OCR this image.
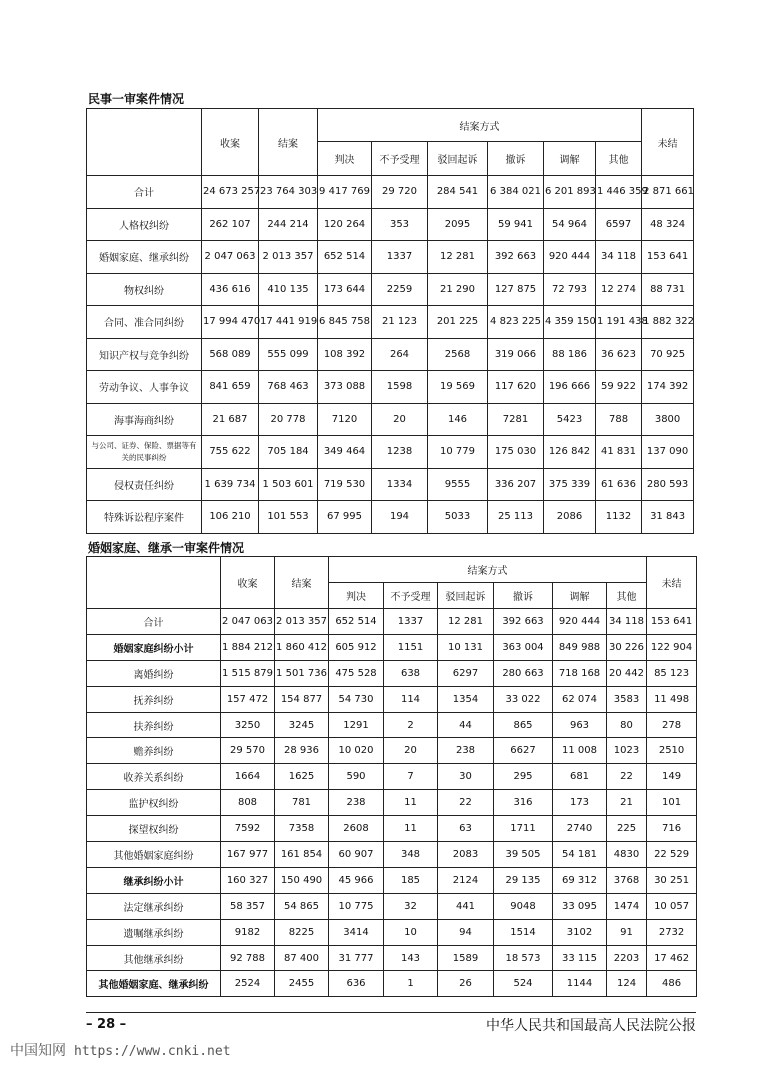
民事一审案件情况
	收案	结案	结案方式						未结
			判决	不予受理	驳回起诉	撤诉	调解	其他	
合计	24 673 257	23 764 303	9 417 769	29 720	284 541	6 384 021	6 201 893	1 446 359	2 871 661
人格权纠纷	262 107	244 214	120 264	353	2095	59 941	54 964	6597	48 324
婚姻家庭、继承纠纷	2 047 063	2 013 357	652 514	1337	12 281	392 663	920 444	34 118	153 641
物权纠纷	436 616	410 135	173 644	2259	21 290	127 875	72 793	12 274	88 731
合同、准合同纠纷	17 994 470	17 441 919	6 845 758	21 123	201 225	4 823 225	4 359 150	1 191 438	1 882 322
知识产权与竞争纠纷	568 089	555 099	108 392	264	2568	319 066	88 186	36 623	70 925
劳动争议、人事争议	841 659	768 463	373 088	1598	19 569	117 620	196 666	59 922	174 392
海事海商纠纷	21 687	20 778	7120	20	146	7281	5423	788	3800
与公司、证券、保险、票据等有关的民事纠纷	755 622	705 184	349 464	1238	10 779	175 030	126 842	41 831	137 090
侵权责任纠纷	1 639 734	1 503 601	719 530	1334	9555	336 207	375 339	61 636	280 593
特殊诉讼程序案件	106 210	101 553	67 995	194	5033	25 113	2086	1132	31 843
婚姻家庭、继承一审案件情况
	收案	结案	结案方式						未结
			判决	不予受理	驳回起诉	撤诉	调解	其他	
合计	2 047 063	2 013 357	652 514	1337	12 281	392 663	920 444	34 118	153 641
婚姻家庭纠纷小计	1 884 212	1 860 412	605 912	1151	10 131	363 004	849 988	30 226	122 904
离婚纠纷	1 515 879	1 501 736	475 528	638	6297	280 663	718 168	20 442	85 123
抚养纠纷	157 472	154 877	54 730	114	1354	33 022	62 074	3583	11 498
扶养纠纷	3250	3245	1291	2	44	865	963	80	278
赡养纠纷	29 570	28 936	10 020	20	238	6627	11 008	1023	2510
收养关系纠纷	1664	1625	590	7	30	295	681	22	149
监护权纠纷	808	781	238	11	22	316	173	21	101
探望权纠纷	7592	7358	2608	11	63	1711	2740	225	716
其他婚姻家庭纠纷	167 977	161 854	60 907	348	2083	39 505	54 181	4830	22 529
继承纠纷小计	160 327	150 490	45 966	185	2124	29 135	69 312	3768	30 251
法定继承纠纷	58 357	54 865	10 775	32	441	9048	33 095	1474	10 057
遗嘱继承纠纷	9182	8225	3414	10	94	1514	3102	91	2732
其他继承纠纷	92 788	87 400	31 777	143	1589	18 573	33 115	2203	17 462
其他婚姻家庭、继承纠纷	2524	2455	636	1	26	524	1144	124	486
– 28 –	中华人民共和国最高人民法院公报
中国知网 https://www.cnki.net
